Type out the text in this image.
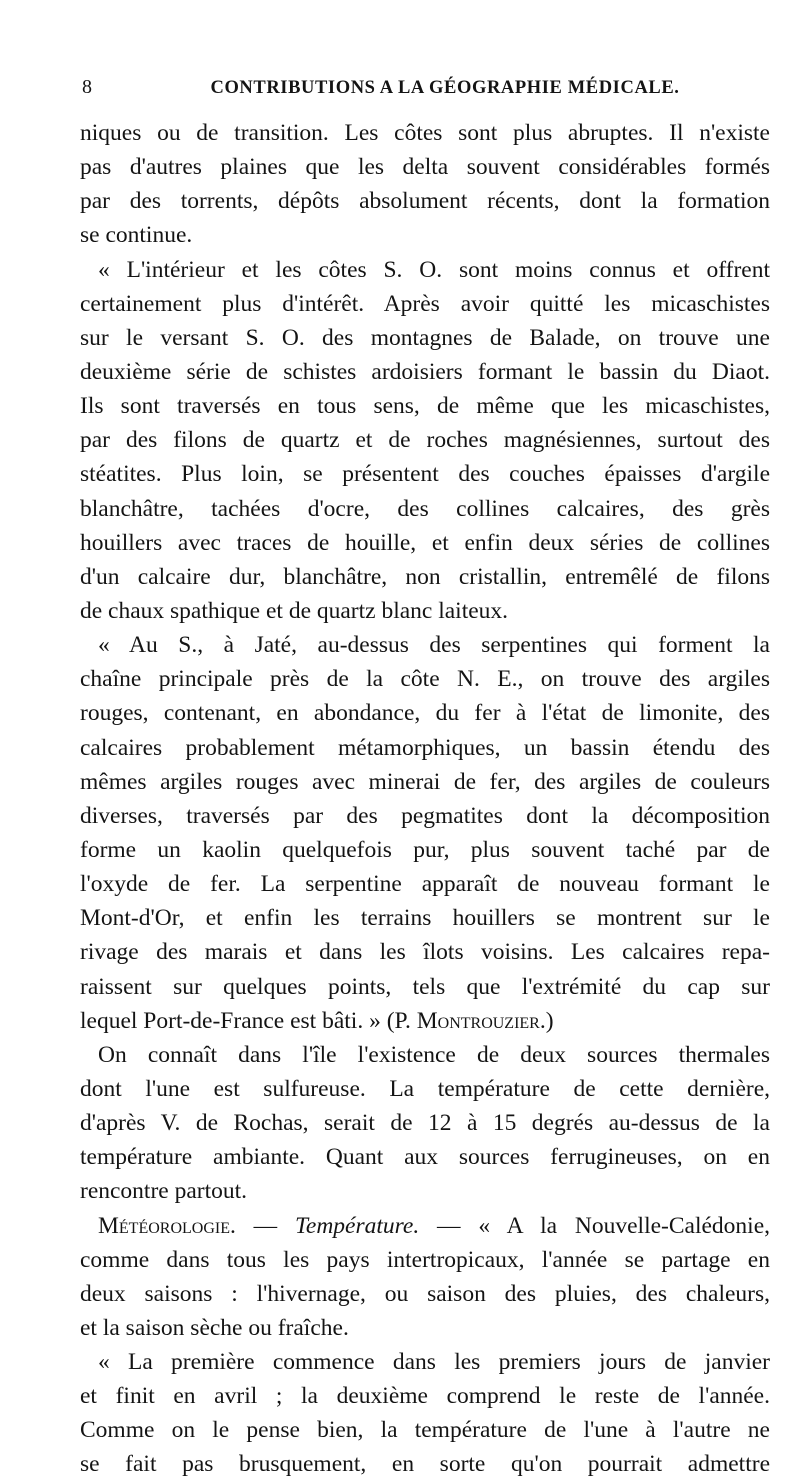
8	CONTRIBUTIONS A LA GÉOGRAPHIE MÉDICALE.
niques ou de transition. Les côtes sont plus abruptes. Il n'existe
pas d'autres plaines que les delta souvent considérables formés
par des torrents, dépôts absolument récents, dont la formation
se continue.
« L'intérieur et les côtes S. O. sont moins connus et offrent
certainement plus d'intérêt. Après avoir quitté les micaschistes
sur le versant S. O. des montagnes de Balade, on trouve une
deuxième série de schistes ardoisiers formant le bassin du Diaot.
Ils sont traversés en tous sens, de même que les micaschistes,
par des filons de quartz et de roches magnésiennes, surtout des
stéatites. Plus loin, se présentent des couches épaisses d'argile
blanchâtre, tachées d'ocre, des collines calcaires, des grès
houillers avec traces de houille, et enfin deux séries de collines
d'un calcaire dur, blanchâtre, non cristallin, entremêlé de filons
de chaux spathique et de quartz blanc laiteux.
« Au S., à Jaté, au-dessus des serpentines qui forment la
chaîne principale près de la côte N. E., on trouve des argiles
rouges, contenant, en abondance, du fer à l'état de limonite, des
calcaires probablement métamorphiques, un bassin étendu des
mêmes argiles rouges avec minerai de fer, des argiles de couleurs
diverses, traversés par des pegmatites dont la décomposition
forme un kaolin quelquefois pur, plus souvent taché par de
l'oxyde de fer. La serpentine apparaît de nouveau formant le
Mont-d'Or, et enfin les terrains houillers se montrent sur le
rivage des marais et dans les îlots voisins. Les calcaires repa-
raissent sur quelques points, tels que l'extrémité du cap sur
lequel Port-de-France est bâti. » (P. Montrouzier.)
On connaît dans l'île l'existence de deux sources thermales
dont l'une est sulfureuse. La température de cette dernière,
d'après V. de Rochas, serait de 12 à 15 degrés au-dessus de la
température ambiante. Quant aux sources ferrugineuses, on en
rencontre partout.
Météorologie. — Température. — « A la Nouvelle-Calédonie,
comme dans tous les pays intertropicaux, l'année se partage en
deux saisons : l'hivernage, ou saison des pluies, des chaleurs,
et la saison sèche ou fraîche.
« La première commence dans les premiers jours de janvier
et finit en avril ; la deuxième comprend le reste de l'année.
Comme on le pense bien, la température de l'une à l'autre ne
se fait pas brusquement, en sorte qu'on pourrait admettre
